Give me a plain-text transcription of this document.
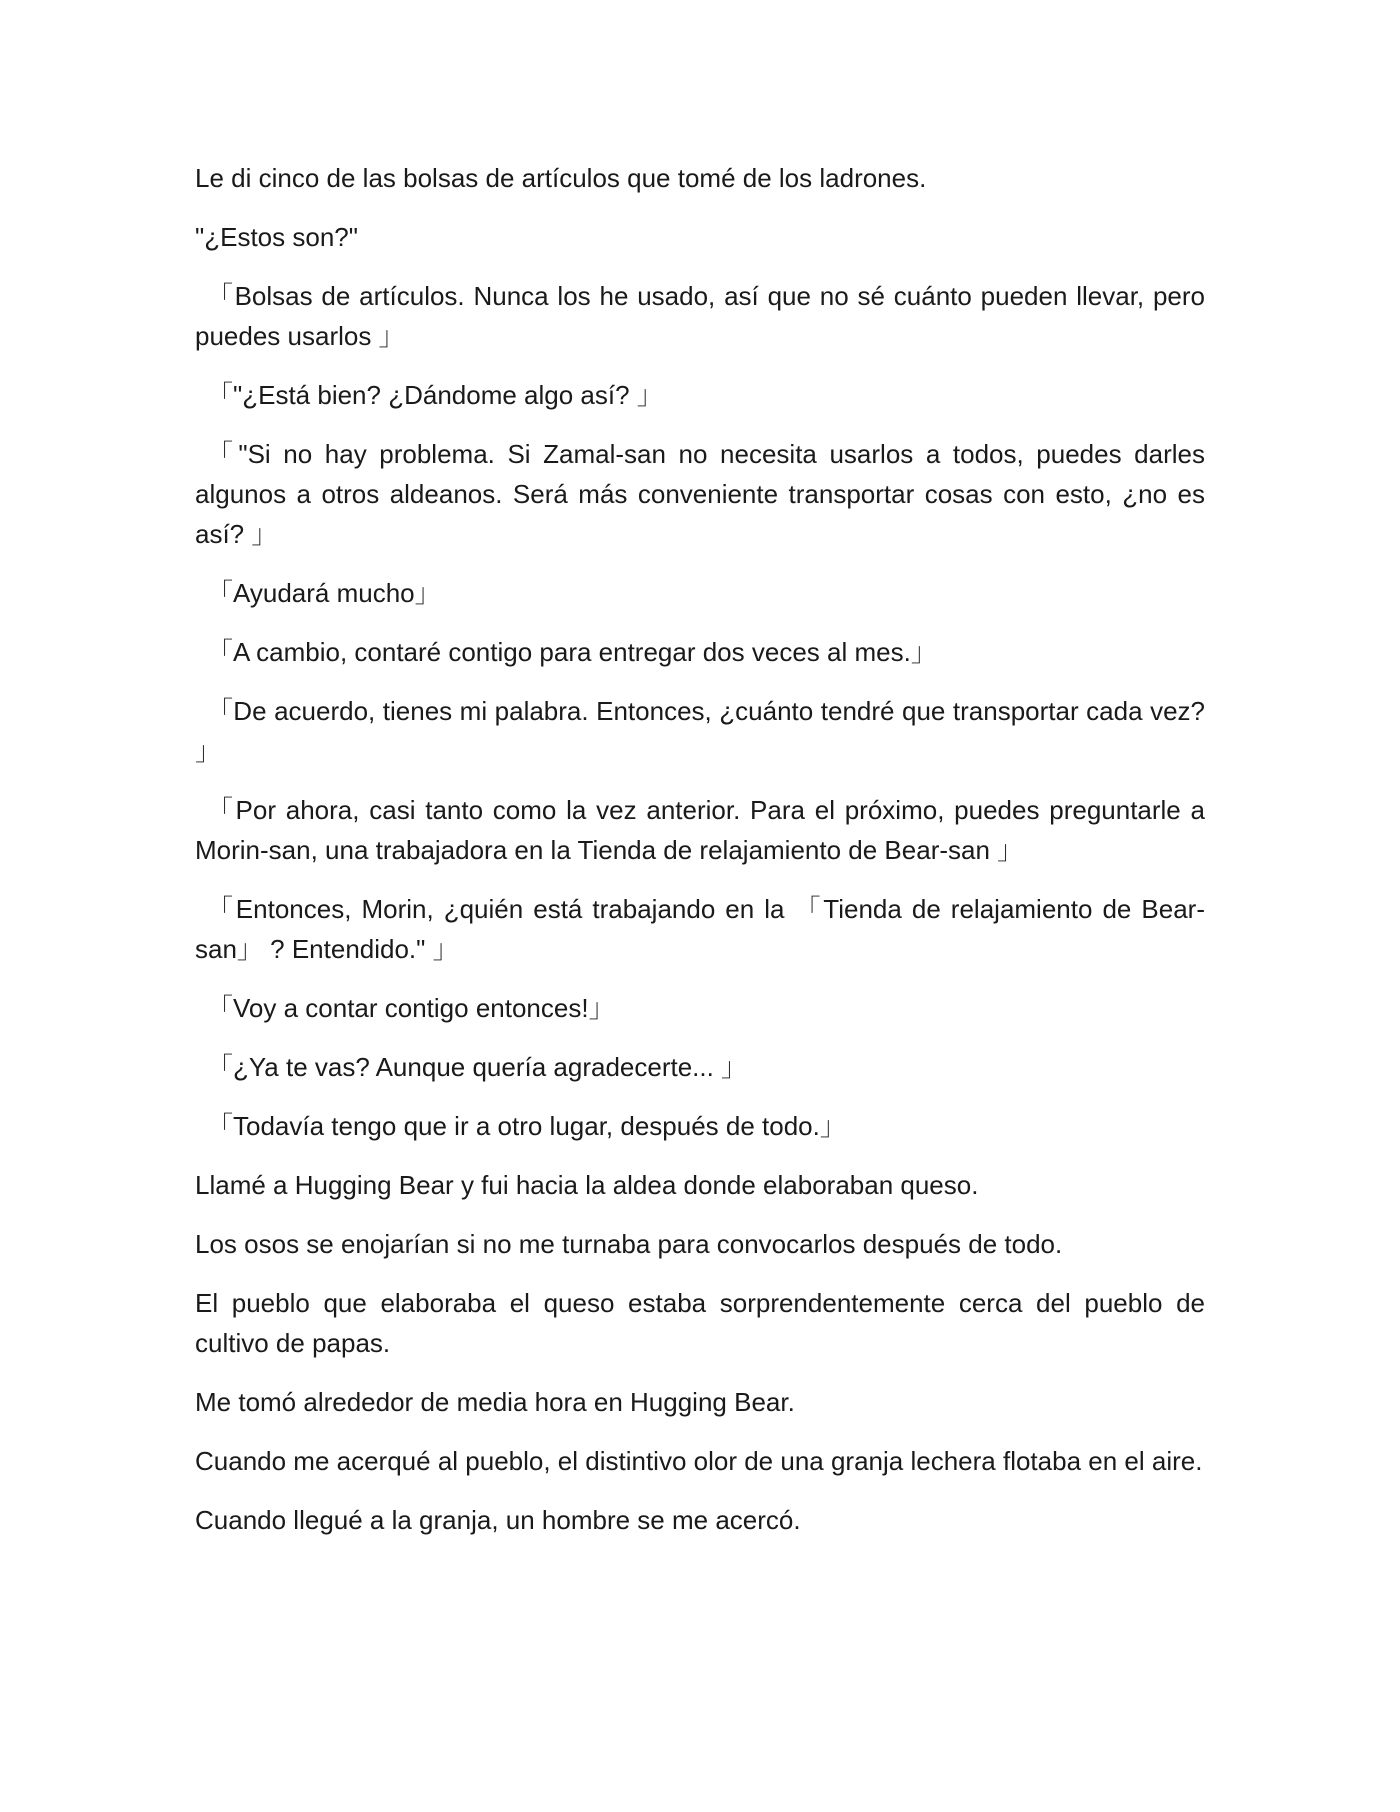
Le di cinco de las bolsas de artículos que tomé de los ladrones.

"¿Estos son?"

「Bolsas de artículos. Nunca los he usado, así que no sé cuánto pueden llevar, pero puedes usarlos 」

「"¿Está bien? ¿Dándome algo así? 」

「"Si no hay problema. Si Zamal-san no necesita usarlos a todos, puedes darles algunos a otros aldeanos. Será más conveniente transportar cosas con esto, ¿no es así? 」

「Ayudará mucho」

「A cambio, contaré contigo para entregar dos veces al mes.」

「De acuerdo, tienes mi palabra. Entonces, ¿cuánto tendré que transportar cada vez? 」

「Por ahora, casi tanto como la vez anterior. Para el próximo, puedes preguntarle a Morin-san, una trabajadora en la Tienda de relajamiento de Bear-san 」

「Entonces, Morin, ¿quién está trabajando en la 「Tienda de relajamiento de Bear-san」 ? Entendido." 」

「Voy a contar contigo entonces!」

「¿Ya te vas? Aunque quería agradecerte... 」

「Todavía tengo que ir a otro lugar, después de todo.」

Llamé a Hugging Bear y fui hacia la aldea donde elaboraban queso.

Los osos se enojarían si no me turnaba para convocarlos después de todo.

El pueblo que elaboraba el queso estaba sorprendentemente cerca del pueblo de cultivo de papas.

Me tomó alrededor de media hora en Hugging Bear.

Cuando me acerqué al pueblo, el distintivo olor de una granja lechera flotaba en el aire.

Cuando llegué a la granja, un hombre se me acercó.
